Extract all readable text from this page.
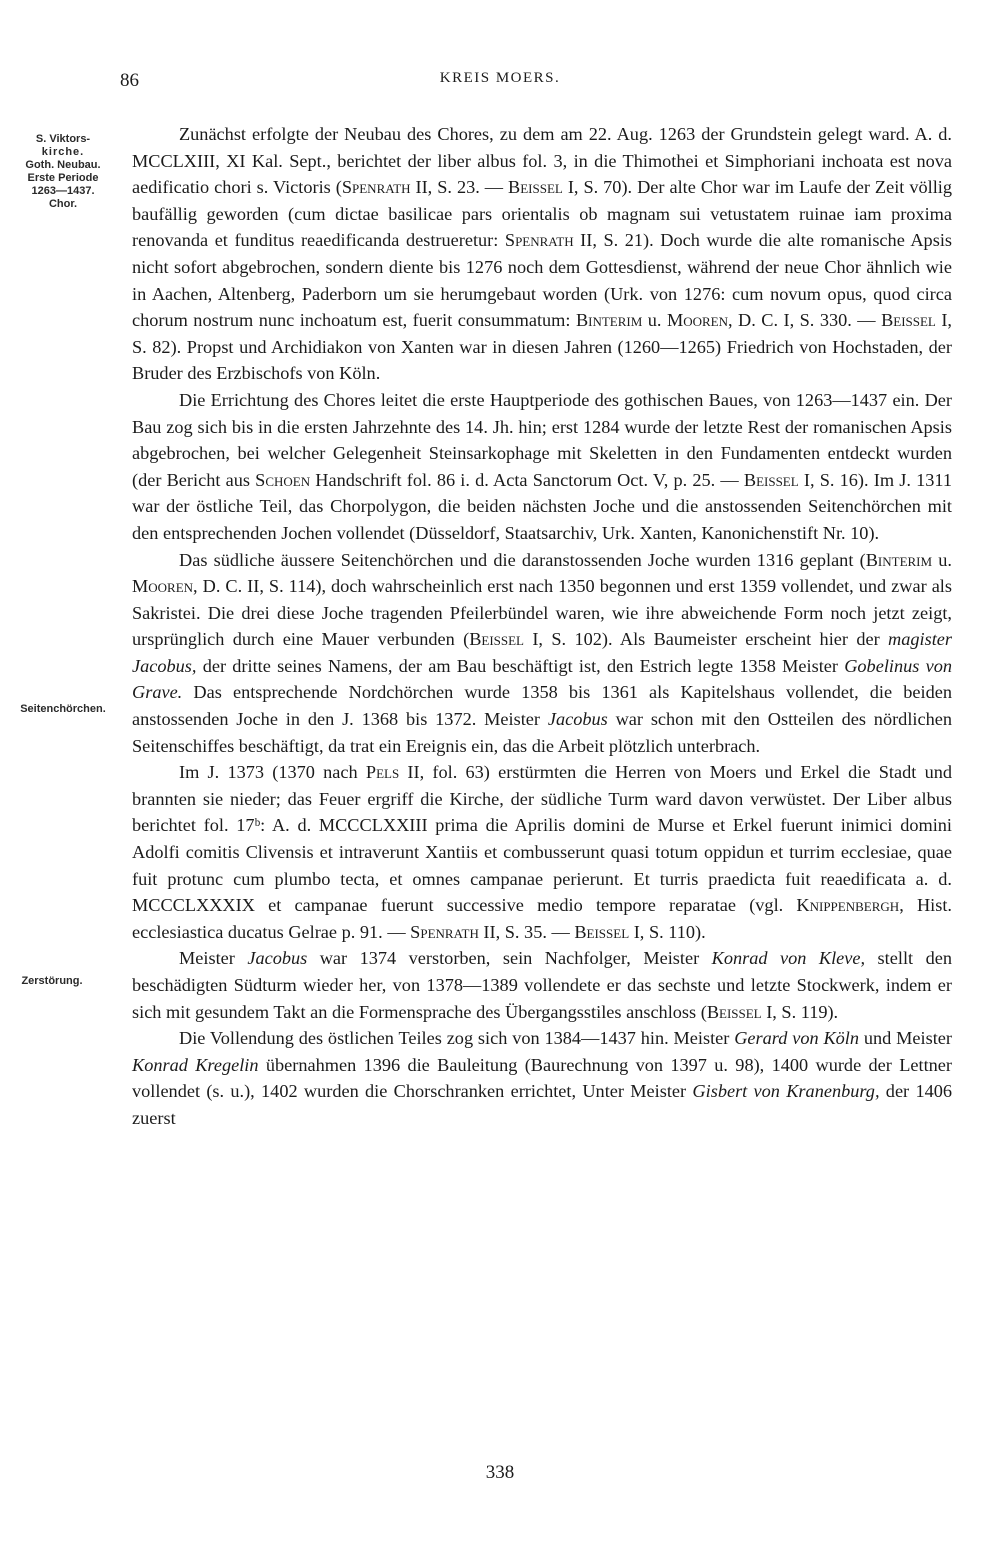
86	KREIS MOERS.
S. Viktors-
kirche.
Goth. Neubau.
Erste Periode
1263—1437.
Chor.
Seitenchörchen.
Zerstörung.

Zunächst erfolgte der Neubau des Chores, zu dem am 22. Aug. 1263 der Grundstein gelegt ward. A. d. MCCLXIII, XI Kal. Sept., berichtet der liber albus fol. 3, in die Thimothei et Simphoriani inchoata est nova aedificatio chori s. Victoris (Spenrath II, S. 23. — Beissel I, S. 70). Der alte Chor war im Laufe der Zeit völlig baufällig geworden (cum dictae basilicae pars orientalis ob magnam sui vetustatem ruinae iam proxima renovanda et funditus reaedificanda destrueretur: Spenrath II, S. 21). Doch wurde die alte romanische Apsis nicht sofort abgebrochen, sondern diente bis 1276 noch dem Gottesdienst, während der neue Chor ähnlich wie in Aachen, Altenberg, Paderborn um sie herumgebaut worden (Urk. von 1276: cum novum opus, quod circa chorum nostrum nunc inchoatum est, fuerit consummatum: Binterim u. Mooren, D. C. I, S. 330. — Beissel I, S. 82). Propst und Archidiakon von Xanten war in diesen Jahren (1260—1265) Friedrich von Hochstaden, der Bruder des Erzbischofs von Köln.

Die Errichtung des Chores leitet die erste Hauptperiode des gothischen Baues, von 1263—1437 ein. Der Bau zog sich bis in die ersten Jahrzehnte des 14. Jh. hin; erst 1284 wurde der letzte Rest der romanischen Apsis abgebrochen, bei welcher Gelegenheit Steinsarkophage mit Skeletten in den Fundamenten entdeckt wurden (der Bericht aus Schoen Handschrift fol. 86 i. d. Acta Sanctorum Oct. V, p. 25. — Beissel I, S. 16). Im J. 1311 war der östliche Teil, das Chorpolygon, die beiden nächsten Joche und die anstossenden Seitenchörchen mit den entsprechenden Jochen vollendet (Düsseldorf, Staatsarchiv, Urk. Xanten, Kanonichenstift Nr. 10).

Das südliche äussere Seitenchörchen und die daranstossenden Joche wurden 1316 geplant (Binterim u. Mooren, D. C. II, S. 114), doch wahrscheinlich erst nach 1350 begonnen und erst 1359 vollendet, und zwar als Sakristei. Die drei diese Joche tragenden Pfeilerbündel waren, wie ihre abweichende Form noch jetzt zeigt, ursprünglich durch eine Mauer verbunden (Beissel I, S. 102). Als Baumeister erscheint hier der magister Jacobus, der dritte seines Namens, der am Bau beschäftigt ist, den Estrich legte 1358 Meister Gobelinus von Grave. Das entsprechende Nordchörchen wurde 1358 bis 1361 als Kapitelshaus vollendet, die beiden anstossenden Joche in den J. 1368 bis 1372. Meister Jacobus war schon mit den Ostteilen des nördlichen Seitenschiffes beschäftigt, da trat ein Ereignis ein, das die Arbeit plötzlich unterbrach.

Im J. 1373 (1370 nach Pels II, fol. 63) erstürmten die Herren von Moers und Erkel die Stadt und brannten sie nieder; das Feuer ergriff die Kirche, der südliche Turm ward davon verwüstet. Der Liber albus berichtet fol. 17ᵇ: A. d. MCCCLXXIII prima die Aprilis domini de Murse et Erkel fuerunt inimici domini Adolfi comitis Clivensis et intraverunt Xantiis et combusserunt quasi totum oppidun et turrim ecclesiae, quae fuit protunc cum plumbo tecta, et omnes campanae perierunt. Et turris praedicta fuit reaedificata a. d. MCCCLXXXIX et campanae fuerunt successive medio tempore reparatae (vgl. Knippenbergh, Hist. ecclesiastica ducatus Gelrae p. 91. — Spenrath II, S. 35. — Beissel I, S. 110).

Meister Jacobus war 1374 verstorben, sein Nachfolger, Meister Konrad von Kleve, stellt den beschädigten Südturm wieder her, von 1378—1389 vollendete er das sechste und letzte Stockwerk, indem er sich mit gesundem Takt an die Formensprache des Übergangsstiles anschloss (Beissel I, S. 119).

Die Vollendung des östlichen Teiles zog sich von 1384—1437 hin. Meister Gerard von Köln und Meister Konrad Kregelin übernahmen 1396 die Bauleitung (Baurechnung von 1397 u. 98), 1400 wurde der Lettner vollendet (s. u.), 1402 wurden die Chorschranken errichtet, Unter Meister Gisbert von Kranenburg, der 1406 zuerst

338
